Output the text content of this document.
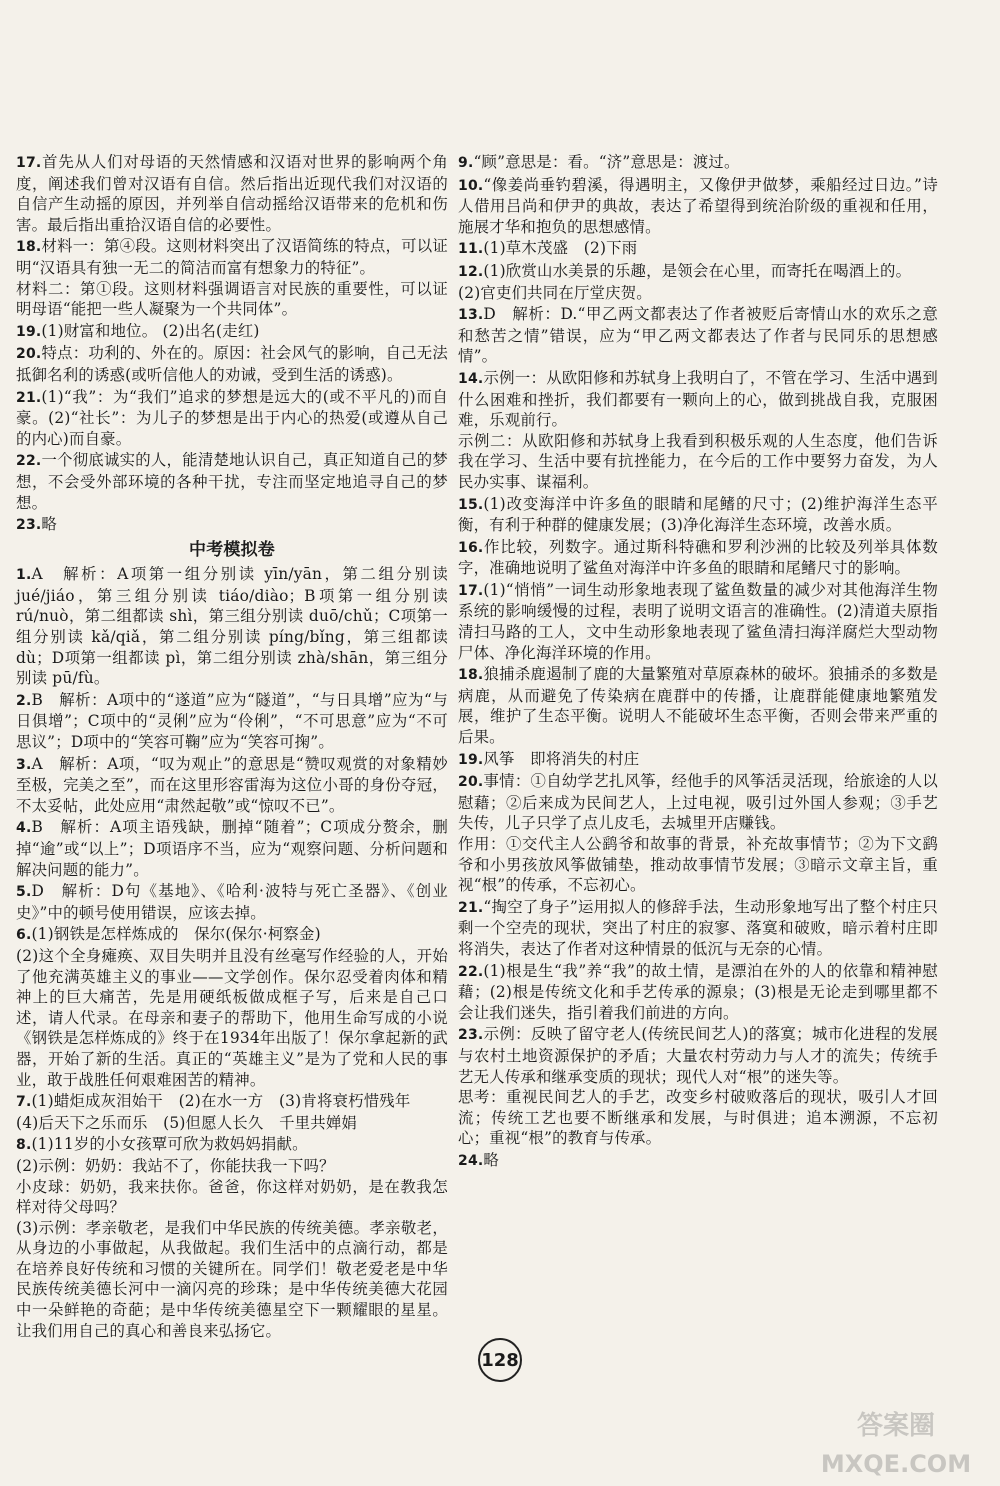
17.首先从人们对母语的天然情感和汉语对世界的影响两个角度，阐述我们曾对汉语有自信。然后指出近现代我们对汉语的自信产生动摇的原因，并列举自信动摇给汉语带来的危机和伤害。最后指出重拾汉语自信的必要性。
18.材料一：第④段。这则材料突出了汉语简练的特点，可以证明“汉语具有独一无二的简洁而富有想象力的特征”。
材料二：第①段。这则材料强调语言对民族的重要性，可以证明母语“能把一些人凝聚为一个共同体”。
19.(1)财富和地位。 (2)出名(走红)
20.特点：功利的、外在的。原因：社会风气的影响，自己无法抵御名利的诱惑(或听信他人的劝诫，受到生活的诱惑)。
21.(1)“我”：为“我们”追求的梦想是远大的(或不平凡的)而自豪。(2)“社长”：为儿子的梦想是出于内心的热爱(或遵从自己的内心)而自豪。
22.一个彻底诚实的人，能清楚地认识自己，真正知道自己的梦想，不会受外部环境的各种干扰，专注而坚定地追寻自己的梦想。
23.略
中考模拟卷
1.A　解析：A项第一组分别读 yīn/yān，第二组分别读 jué/jiáo，第三组分别读 tiáo/diào；B项第一组分别读 rú/nuò，第二组都读 shì，第三组分别读 duō/chǔ；C项第一组分别读 kǎ/qiǎ，第二组分别读 píng/bǐng，第三组都读 dù；D项第一组都读 pì，第二组分别读 zhà/shān，第三组分别读 pū/fù。
2.B　解析：A项中的“遂道”应为“隧道”，“与日具增”应为“与日俱增”；C项中的“灵俐”应为“伶俐”，“不可思意”应为“不可思议”；D项中的“笑容可鞠”应为“笑容可掬”。
3.A　解析：A项，“叹为观止”的意思是“赞叹观赏的对象精妙至极，完美之至”，而在这里形容雷海为这位小哥的身份夺冠，不太妥帖，此处应用“肃然起敬”或“惊叹不已”。
4.B　解析：A项主语残缺，删掉“随着”；C项成分赘余，删掉“逾”或“以上”；D项语序不当，应为“观察问题、分析问题和解决问题的能力”。
5.D　解析：D句《基地》、《哈利·波特与死亡圣器》、《创业史》”中的顿号使用错误，应该去掉。
6.(1)钢铁是怎样炼成的　保尔(保尔·柯察金)
(2)这个全身瘫痪、双目失明并且没有丝毫写作经验的人，开始了他充满英雄主义的事业——文学创作。保尔忍受着肉体和精神上的巨大痛苦，先是用硬纸板做成框子写，后来是自己口述，请人代录。在母亲和妻子的帮助下，他用生命写成的小说《钢铁是怎样炼成的》终于在1934年出版了！保尔拿起新的武器，开始了新的生活。真正的“英雄主义”是为了党和人民的事业，敢于战胜任何艰难困苦的精神。
7.(1)蜡炬成灰泪始干　(2)在水一方　(3)肯将衰朽惜残年
(4)后天下之乐而乐　(5)但愿人长久　千里共婵娟
8.(1)11岁的小女孩覃可欣为救妈妈捐献。
(2)示例：奶奶：我站不了，你能扶我一下吗？
小皮球：奶奶，我来扶你。爸爸，你这样对奶奶，是在教我怎样对待父母吗？
(3)示例：孝亲敬老，是我们中华民族的传统美德。孝亲敬老，从身边的小事做起，从我做起。我们生活中的点滴行动，都是在培养良好传统和习惯的关键所在。同学们！敬老爱老是中华民族传统美德长河中一滴闪亮的珍珠；是中华传统美德大花园中一朵鲜艳的奇葩；是中华传统美德星空下一颗耀眼的星星。让我们用自己的真心和善良来弘扬它。
9.“顾”意思是：看。“济”意思是：渡过。
10.“像姜尚垂钓碧溪，得遇明主，又像伊尹做梦，乘船经过日边。”诗人借用吕尚和伊尹的典故，表达了希望得到统治阶级的重视和任用，施展才华和抱负的思想感情。
11.(1)草木茂盛　(2)下雨
12.(1)欣赏山水美景的乐趣，是领会在心里，而寄托在喝酒上的。
(2)官吏们共同在厅堂庆贺。
13.D　解析：D.“甲乙两文都表达了作者被贬后寄情山水的欢乐之意和愁苦之情”错误，应为“甲乙两文都表达了作者与民同乐的思想感情”。
14.示例一：从欧阳修和苏轼身上我明白了，不管在学习、生活中遇到什么困难和挫折，我们都要有一颗向上的心，做到挑战自我，克服困难，乐观前行。
示例二：从欧阳修和苏轼身上我看到积极乐观的人生态度，他们告诉我在学习、生活中要有抗挫能力，在今后的工作中要努力奋发，为人民办实事、谋福利。
15.(1)改变海洋中许多鱼的眼睛和尾鳍的尺寸；(2)维护海洋生态平衡，有利于种群的健康发展；(3)净化海洋生态环境，改善水质。
16.作比较，列数字。通过斯科特礁和罗利沙洲的比较及列举具体数字，准确地说明了鲨鱼对海洋中许多鱼的眼睛和尾鳍尺寸的影响。
17.(1)“悄悄”一词生动形象地表现了鲨鱼数量的减少对其他海洋生物系统的影响缓慢的过程，表明了说明文语言的准确性。(2)清道夫原指清扫马路的工人，文中生动形象地表现了鲨鱼清扫海洋腐烂大型动物尸体、净化海洋环境的作用。
18.狼捕杀鹿遏制了鹿的大量繁殖对草原森林的破坏。狼捕杀的多数是病鹿，从而避免了传染病在鹿群中的传播，让鹿群能健康地繁殖发展，维护了生态平衡。说明人不能破坏生态平衡，否则会带来严重的后果。
19.风筝　即将消失的村庄
20.事情：①自幼学艺扎风筝，经他手的风筝活灵活现，给旅途的人以慰藉；②后来成为民间艺人，上过电视，吸引过外国人参观；③手艺失传，儿子只学了点儿皮毛，去城里开店赚钱。
作用：①交代主人公鹞爷和故事的背景，补充故事情节；②为下文鹞爷和小男孩放风筝做铺垫，推动故事情节发展；③暗示文章主旨，重视“根”的传承，不忘初心。
21.“掏空了身子”运用拟人的修辞手法，生动形象地写出了整个村庄只剩一个空壳的现状，突出了村庄的寂寥、落寞和破败，暗示着村庄即将消失，表达了作者对这种情景的低沉与无奈的心情。
22.(1)根是生“我”养“我”的故土情，是漂泊在外的人的依靠和精神慰藉；(2)根是传统文化和手艺传承的源泉；(3)根是无论走到哪里都不会让我们迷失，指引着我们前进的方向。
23.示例：反映了留守老人(传统民间艺人)的落寞；城市化进程的发展与农村土地资源保护的矛盾；大量农村劳动力与人才的流失；传统手艺无人传承和继承变质的现状；现代人对“根”的迷失等。
思考：重视民间艺人的手艺，改变乡村破败落后的现状，吸引人才回流；传统工艺也要不断继承和发展，与时俱进；追本溯源，不忘初心；重视“根”的教育与传承。
24.略
128
答案圈
MXQE.COM
